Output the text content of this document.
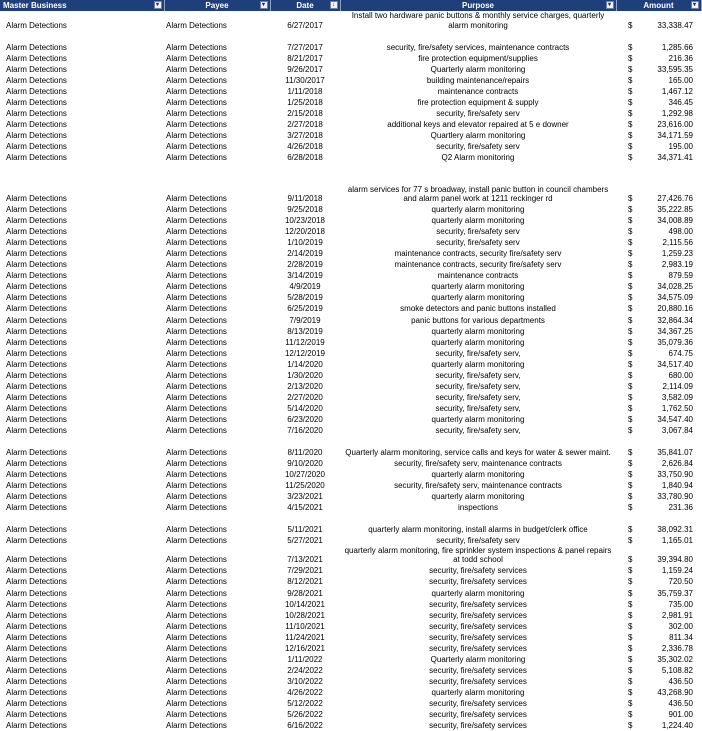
Master Business ▾	Payee ▾	Date ↓	Purpose ▾	Amount ▾	

Alarm Detections	Alarm Detections	6/27/2017	Install two hardware panic buttons & monthly service charges, quarterly alarm monitoring	$	33,338.47

Alarm Detections	Alarm Detections	7/27/2017	security, fire/safety services, maintenance contracts	$	1,285.66
Alarm Detections	Alarm Detections	8/21/2017	fire protection equipment/supplies	$	216.36
Alarm Detections	Alarm Detections	9/26/2017	Quarterly alarm monitoring	$	33,595.35
Alarm Detections	Alarm Detections	11/30/2017	building maintenance/repairs	$	165.00
Alarm Detections	Alarm Detections	1/11/2018	maintenance contracts	$	1,467.12
Alarm Detections	Alarm Detections	1/25/2018	fire protection equipment & supply	$	346.45
Alarm Detections	Alarm Detections	2/15/2018	security, fire/safety serv	$	1,292.98
Alarm Detections	Alarm Detections	2/27/2018	additional keys and elevator repaired at 5 e downer	$	23,616.00
Alarm Detections	Alarm Detections	3/27/2018	Quartlery alarm monitoring	$	34,171.59
Alarm Detections	Alarm Detections	4/26/2018	security, fire/safety serv	$	195.00
Alarm Detections	Alarm Detections	6/28/2018	Q2 Alarm monitoring	$	34,371.41

Alarm Detections	Alarm Detections	9/11/2018	alarm services for 77 s broadway, install panic button in council chambers and alarm panel work at 1211 reckinger rd	$	27,426.76
Alarm Detections	Alarm Detections	9/25/2018	quarterly alarm monitoring	$	35,222.85
Alarm Detections	Alarm Detections	10/23/2018	quarterly alarm monitoring	$	34,008.89
Alarm Detections	Alarm Detections	12/20/2018	security, fire/safety serv	$	498.00
Alarm Detections	Alarm Detections	1/10/2019	security, fire/safety serv	$	2,115.56
Alarm Detections	Alarm Detections	2/14/2019	maintenance contracts, security fire/safety serv	$	1,259.23
Alarm Detections	Alarm Detections	2/28/2019	maintenance contracts, security fire/safety serv	$	2,983.19
Alarm Detections	Alarm Detections	3/14/2019	maintenance contracts	$	879.59
Alarm Detections	Alarm Detections	4/9/2019	quarterly alarm monitoring	$	34,028.25
Alarm Detections	Alarm Detections	5/28/2019	quarterly alarm monitoring	$	34,575.09
Alarm Detections	Alarm Detections	6/25/2019	smoke detectors and panic buttons installed	$	20,880.16
Alarm Detections	Alarm Detections	7/9/2019	panic buttons for various departments	$	32,864.34
Alarm Detections	Alarm Detections	8/13/2019	quarterly alarm monitoring	$	34,367.25
Alarm Detections	Alarm Detections	11/12/2019	quarterly alarm monitoring	$	35,079.36
Alarm Detections	Alarm Detections	12/12/2019	security, fire/safety serv,	$	674.75
Alarm Detections	Alarm Detections	1/14/2020	quarterly alarm monitoring	$	34,517.40
Alarm Detections	Alarm Detections	1/30/2020	security, fire/safety serv,	$	680.00
Alarm Detections	Alarm Detections	2/13/2020	security, fire/safety serv,	$	2,114.09
Alarm Detections	Alarm Detections	2/27/2020	security, fire/safety serv,	$	3,582.09
Alarm Detections	Alarm Detections	5/14/2020	security, fire/safety serv,	$	1,762.50
Alarm Detections	Alarm Detections	6/23/2020	quarterly alarm monitoring	$	34,547.40
Alarm Detections	Alarm Detections	7/16/2020	security, fire/safety serv,	$	3,067.84

Alarm Detections	Alarm Detections	8/11/2020	Quarterly alarm monitoring, service calls and keys for water & sewer maint.	$	35,841.07
Alarm Detections	Alarm Detections	9/10/2020	security, fire/safety serv, maintenance contracts	$	2,626.84
Alarm Detections	Alarm Detections	10/27/2020	quarterly alarm monitoring	$	33,750.90
Alarm Detections	Alarm Detections	11/25/2020	security, fire/safety serv, maintenance contracts	$	1,840.94
Alarm Detections	Alarm Detections	3/23/2021	quarterly alarm monitoring	$	33,780.90
Alarm Detections	Alarm Detections	4/15/2021	inspections	$	231.36

Alarm Detections	Alarm Detections	5/11/2021	quarterly alarm monitoring, install alarms in budget/clerk office	$	38,092.31
Alarm Detections	Alarm Detections	5/27/2021	security, fire/safety serv	$	1,165.01
Alarm Detections	Alarm Detections	7/13/2021	quarterly alarm monitoring, fire sprinkler system inspections & panel repairs at todd school	$	39,394.80
Alarm Detections	Alarm Detections	7/29/2021	security, fire/safety services	$	1,159.24
Alarm Detections	Alarm Detections	8/12/2021	security, fire/safety services	$	720.50
Alarm Detections	Alarm Detections	9/28/2021	quarterly alarm monitoring	$	35,759.37
Alarm Detections	Alarm Detections	10/14/2021	security, fire/safety services	$	735.00
Alarm Detections	Alarm Detections	10/28/2021	security, fire/safety services	$	2,981.91
Alarm Detections	Alarm Detections	11/10/2021	security, fire/safety services	$	302.00
Alarm Detections	Alarm Detections	11/24/2021	security, fire/safety services	$	811.34
Alarm Detections	Alarm Detections	12/16/2021	security, fire/safety services	$	2,336.78
Alarm Detections	Alarm Detections	1/11/2022	Quarterly alarm monitoring	$	35,302.02
Alarm Detections	Alarm Detections	2/24/2022	security, fire/safety services	$	5,108.82
Alarm Detections	Alarm Detections	3/10/2022	security, fire/safety services	$	436.50
Alarm Detections	Alarm Detections	4/26/2022	quarterly alarm monitoring	$	43,268.90
Alarm Detections	Alarm Detections	5/12/2022	security, fire/safety services	$	436.50
Alarm Detections	Alarm Detections	5/26/2022	security, fire/safety services	$	901.00
Alarm Detections	Alarm Detections	6/16/2022	security, fire/safety services	$	1,224.40
